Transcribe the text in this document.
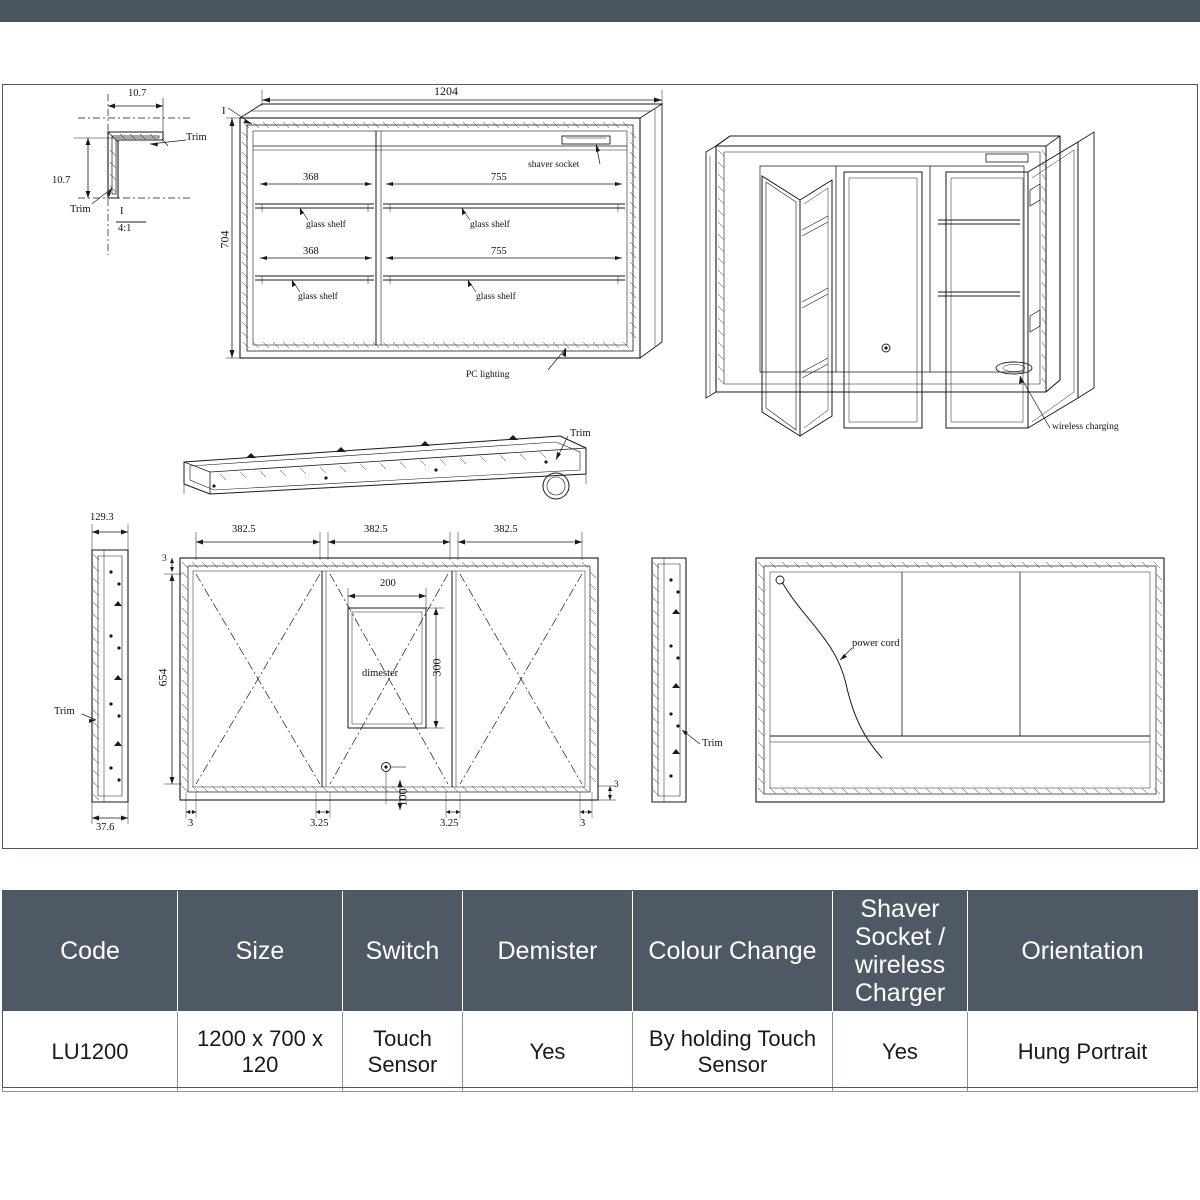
10.7
10.7
Trim
Trim	I
4:1
I
1204
704
368	755
368	755
glass shelf	glass shelf
glass shelf	glass shelf
shaver socket
PC lighting
wireless charging
Trim
129.3
37.6
Trim
382.5	382.5	382.5
654
3
3
200
300
dimester
100
3	3.25	3.25	3
Trim
power cord
Code	Size	Switch	Demister	Colour Change	Shaver Socket / wireless Charger	Orientation
LU1200	1200 x 700 x 120	Touch Sensor	Yes	By holding Touch Sensor	Yes	Hung Portrait
